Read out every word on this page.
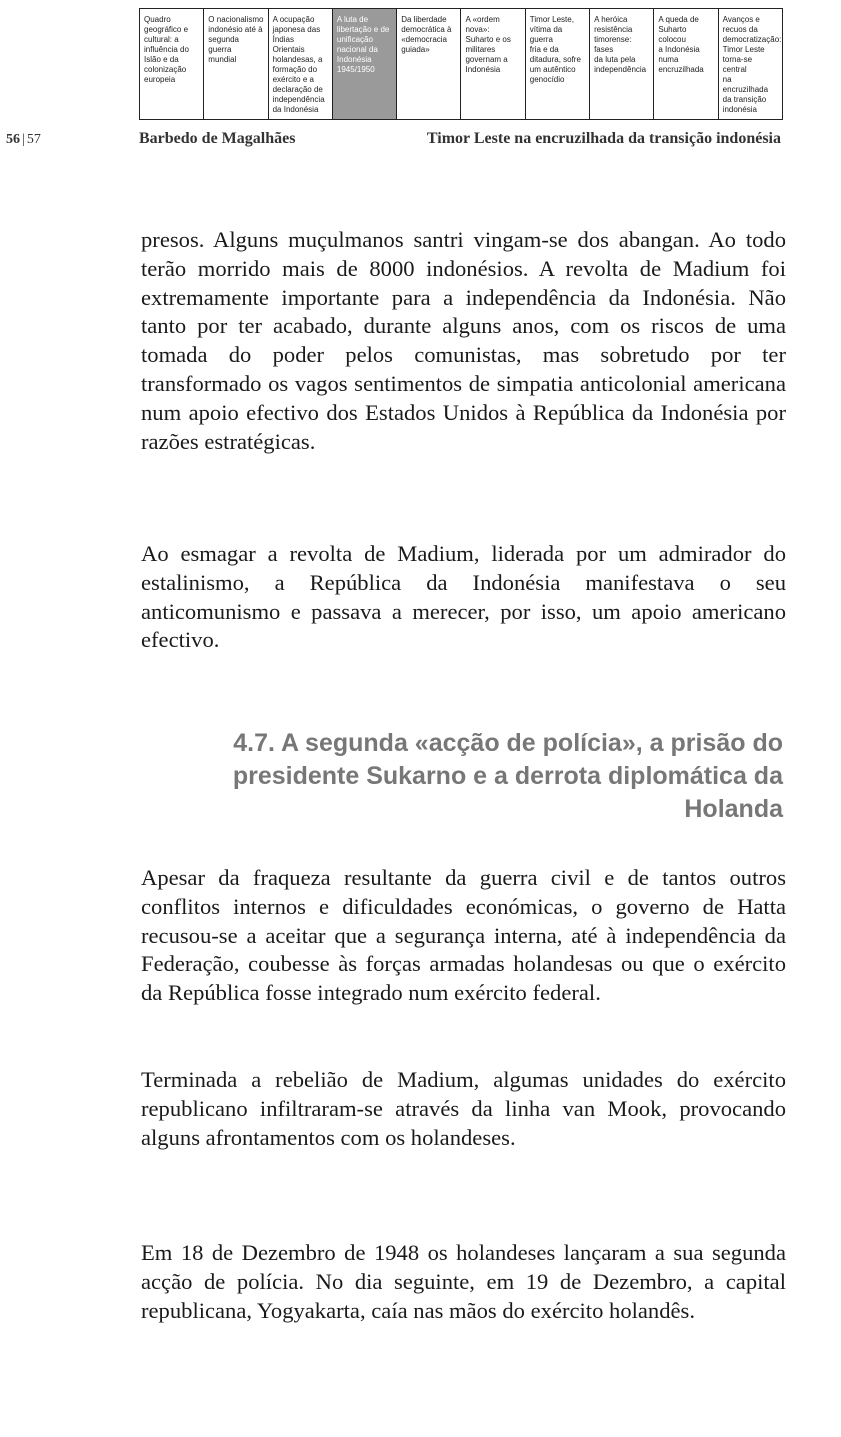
Quadro
geográfico e
cultural: a
influência do
Islão e da
colonização
europeia
O nacionalismo
indonésio até à
segunda guerra
mundial
A ocupação
japonesa das
Índias Orientais
holandesas, a
formação do
exército e a
declaração de
independência
da Indonésia
A luta de
libertação e de
unificação
nacional da
Indonésia
1945/1950
Da liberdade
democrática à
«democracia
guiada»
A «ordem nova»:
Suharto e os
militares
governam a
Indonésia
Timor Leste,
vítima da guerra
fria e da
ditadura, sofre
um autêntico
genocídio
A heróica
resistência
timorense: fases
da luta pela
independência
A queda de
Suharto colocou
a Indonésia
numa
encruzilhada
Avanços e
recuos da
democratização:
Timor Leste
torna-se central
na encruzilhada
da transição
indonésia
56 | 57	Barbedo de Magalhães	Timor Leste na encruzilhada da transição indonésia

presos. Alguns muçulmanos santri vingam-se dos abangan. Ao todo terão morrido mais de 8000 indonésios. A revolta de Madium foi extremamente importante para a independência da Indonésia. Não tanto por ter acabado, durante alguns anos, com os riscos de uma tomada do poder pelos comunistas, mas sobretudo por ter transformado os vagos sentimentos de simpatia anticolonial americana num apoio efectivo dos Estados Unidos à República da Indonésia por razões estratégicas.

Ao esmagar a revolta de Madium, liderada por um admirador do estalinismo, a República da Indonésia manifestava o seu anticomunismo e passava a merecer, por isso, um apoio americano efectivo.

4.7. A segunda «acção de polícia», a prisão do presidente Sukarno e a derrota diplomática da Holanda

Apesar da fraqueza resultante da guerra civil e de tantos outros conflitos internos e dificuldades económicas, o governo de Hatta recusou-se a aceitar que a segurança interna, até à independência da Federação, coubesse às forças armadas holandesas ou que o exército da República fosse integrado num exército federal.

Terminada a rebelião de Madium, algumas unidades do exército republicano infiltraram-se através da linha van Mook, provocando alguns afrontamentos com os holandeses.

Em 18 de Dezembro de 1948 os holandeses lançaram a sua segunda acção de polícia. No dia seguinte, em 19 de Dezembro, a capital republicana, Yogyakarta, caía nas mãos do exército holandês.
